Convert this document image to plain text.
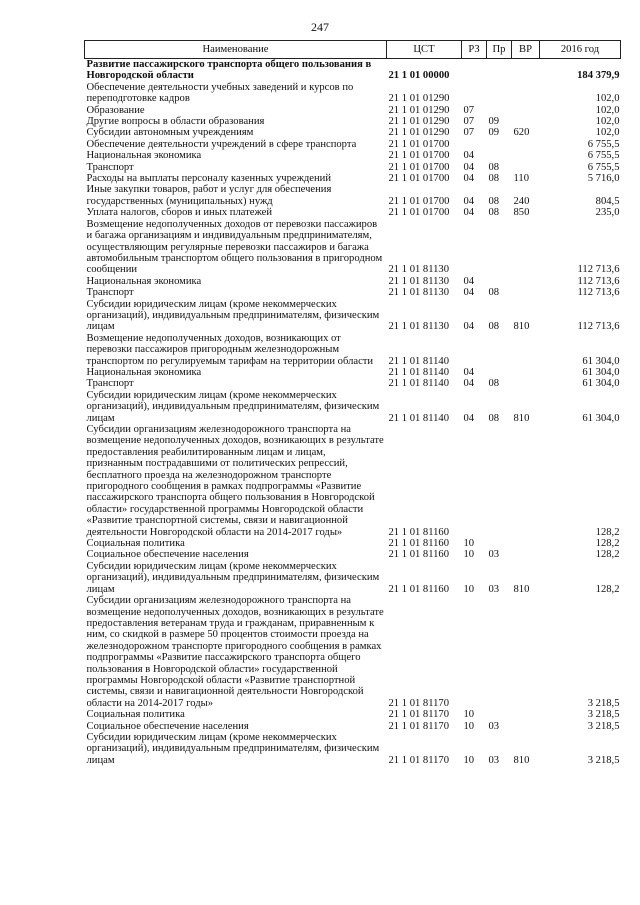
247
Наименование	ЦСТ	РЗ	Пр	ВР	2016 год
Развитие пассажирского транспорта общего пользования в Новгородской области	21 1 01 00000				184 379,9
Обеспечение деятельности учебных заведений и курсов по переподготовке кадров	21 1 01 01290				102,0
Образование	21 1 01 01290	07			102,0
Другие вопросы в области образования	21 1 01 01290	07	09		102,0
Субсидии автономным учреждениям	21 1 01 01290	07	09	620	102,0
Обеспечение деятельности учреждений в сфере транспорта	21 1 01 01700				6 755,5
Национальная экономика	21 1 01 01700	04			6 755,5
Транспорт	21 1 01 01700	04	08		6 755,5
Расходы на выплаты персоналу казенных учреждений	21 1 01 01700	04	08	110	5 716,0
Иные закупки товаров, работ и услуг для обеспечения государственных (муниципальных) нужд	21 1 01 01700	04	08	240	804,5
Уплата налогов, сборов и иных платежей	21 1 01 01700	04	08	850	235,0
Возмещение недополученных доходов от перевозки пассажиров и багажа организациям и индивидуальным предпринимателям, осуществляющим регулярные перевозки пассажиров и багажа автомобильным транспортом общего пользования в пригородном сообщении	21 1 01 81130				112 713,6
Национальная экономика	21 1 01 81130	04			112 713,6
Транспорт	21 1 01 81130	04	08		112 713,6
Субсидии юридическим лицам (кроме некоммерческих организаций), индивидуальным предпринимателям, физическим лицам	21 1 01 81130	04	08	810	112 713,6
Возмещение недополученных доходов, возникающих от перевозки пассажиров пригородным железнодорожным транспортом по регулируемым тарифам на территории области	21 1 01 81140				61 304,0
Национальная экономика	21 1 01 81140	04			61 304,0
Транспорт	21 1 01 81140	04	08		61 304,0
Субсидии юридическим лицам (кроме некоммерческих организаций), индивидуальным предпринимателям, физическим лицам	21 1 01 81140	04	08	810	61 304,0
Субсидии организациям железнодорожного транспорта на возмещение недополученных доходов, возникающих в результате предоставления реабилитированным лицам и лицам, признанным пострадавшими от политических репрессий, бесплатного проезда на железнодорожном транспорте пригородного сообщения в рамках подпрограммы «Развитие пассажирского транспорта общего пользования в Новгородской области» государственной программы Новгородской области «Развитие транспортной системы, связи и навигационной деятельности Новгородской области на 2014-2017 годы»	21 1 01 81160				128,2
Социальная политика	21 1 01 81160	10			128,2
Социальное обеспечение населения	21 1 01 81160	10	03		128,2
Субсидии юридическим лицам (кроме некоммерческих организаций), индивидуальным предпринимателям, физическим лицам	21 1 01 81160	10	03	810	128,2
Субсидии организациям железнодорожного транспорта на возмещение недополученных доходов, возникающих в результате предоставления ветеранам труда и гражданам, приравненным к ним, со скидкой в размере 50 процентов стоимости проезда на железнодорожном транспорте пригородного сообщения в рамках подпрограммы «Развитие пассажирского транспорта общего пользования в Новгородской области» государственной программы Новгородской области «Развитие транспортной системы, связи и навигационной деятельности Новгородской области на 2014-2017 годы»	21 1 01 81170				3 218,5
Социальная политика	21 1 01 81170	10			3 218,5
Социальное обеспечение населения	21 1 01 81170	10	03		3 218,5
Субсидии юридическим лицам (кроме некоммерческих организаций), индивидуальным предпринимателям, физическим лицам	21 1 01 81170	10	03	810	3 218,5
